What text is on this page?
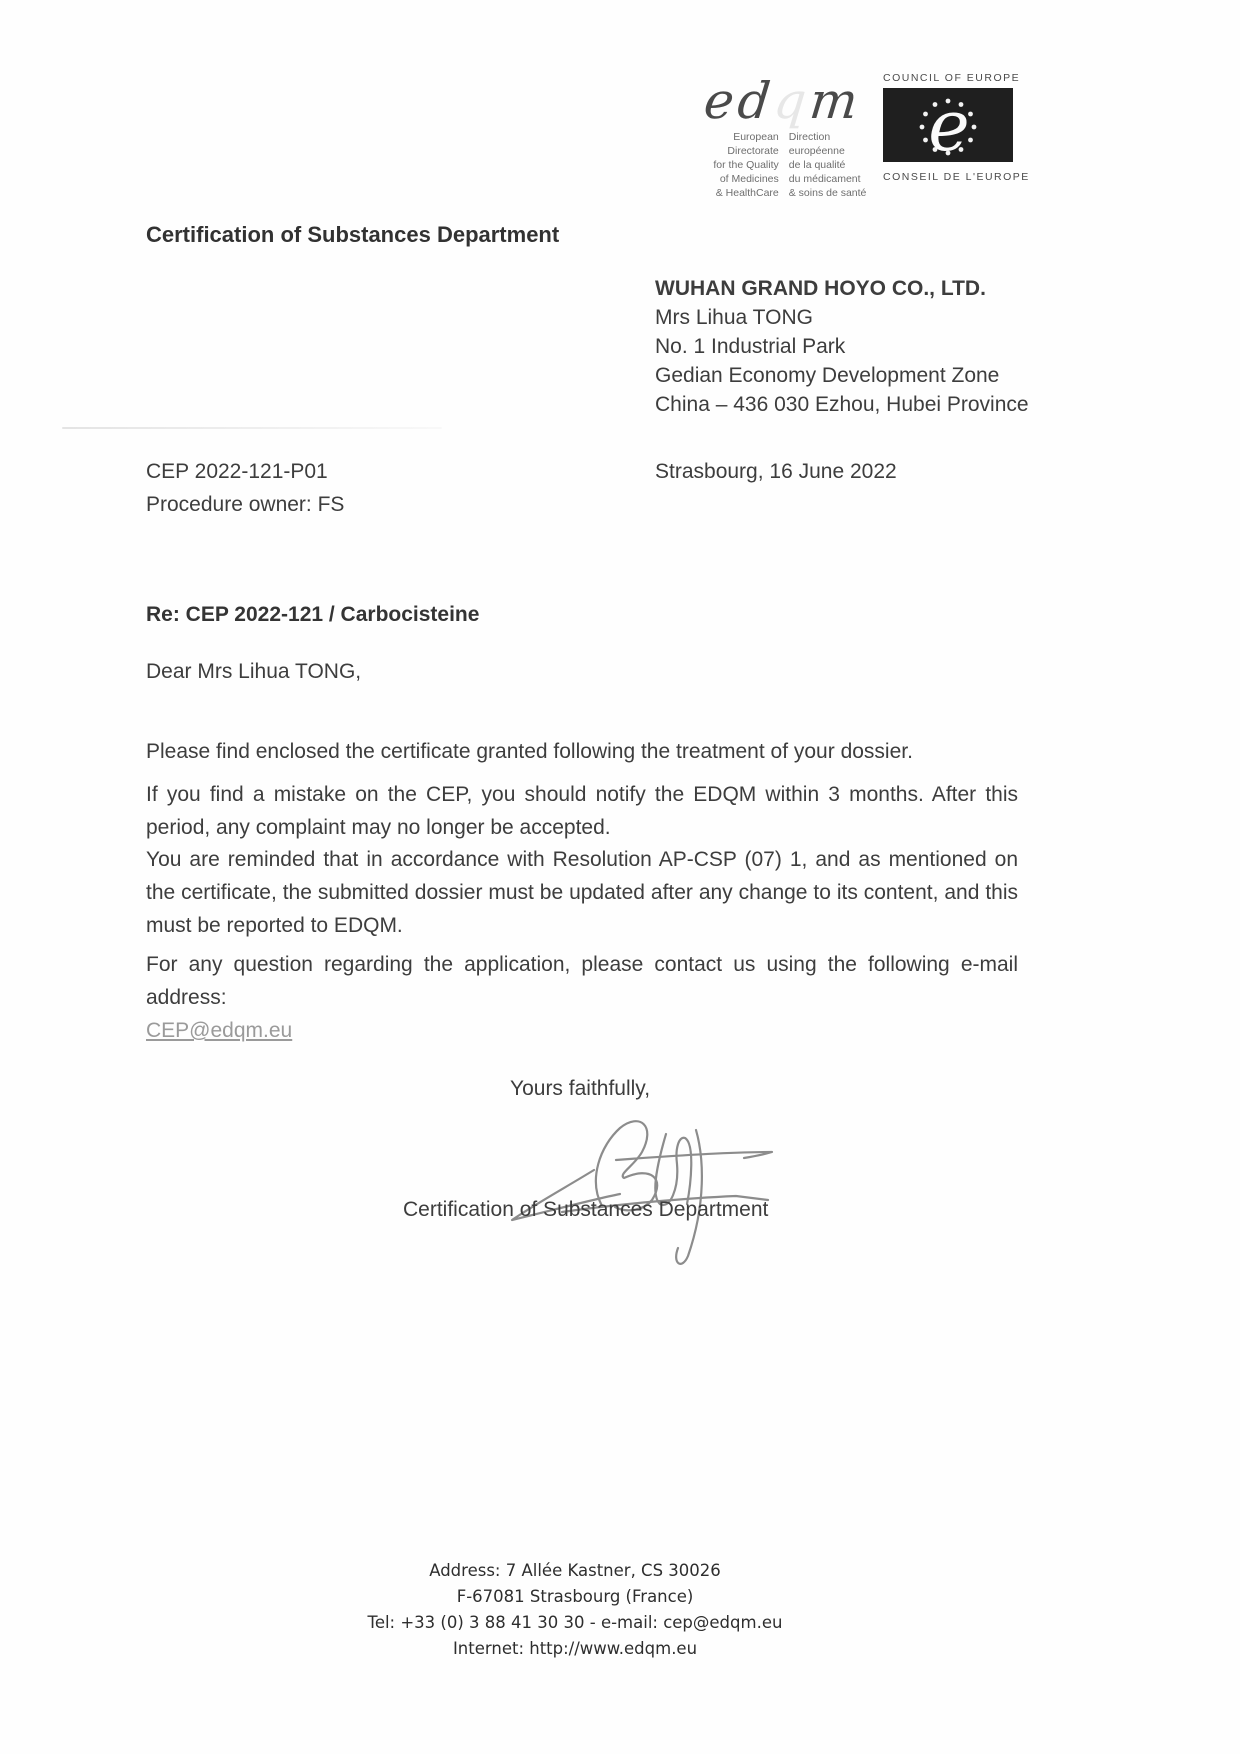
edqm
European Directorate
for the Quality
of Medicines
& HealthCare
Direction européenne
de la qualité
du médicament
& soins de santé
COUNCIL OF EUROPE
e
CONSEIL DE L'EUROPE
Certification of Substances Department
WUHAN GRAND HOYO CO., LTD.
Mrs Lihua TONG
No. 1 Industrial Park
Gedian Economy Development Zone
China – 436 030 Ezhou, Hubei Province
CEP 2022-121-P01
Procedure owner: FS
Strasbourg, 16 June 2022
Re: CEP 2022-121 / Carbocisteine
Dear Mrs Lihua TONG,
Please find enclosed the certificate granted following the treatment of your dossier.
If you find a mistake on the CEP, you should notify the EDQM within 3 months. After this period, any complaint may no longer be accepted.
You are reminded that in accordance with Resolution AP-CSP (07) 1, and as mentioned on the certificate, the submitted dossier must be updated after any change to its content, and this must be reported to EDQM.
For any question regarding the application, please contact us using the following e-mail address:
CEP@edqm.eu
Yours faithfully,
Certification of Substances Department
Address: 7 Allée Kastner, CS 30026
F-67081 Strasbourg (France)
Tel: +33 (0) 3 88 41 30 30 - e-mail: cep@edqm.eu
Internet: http://www.edqm.eu
